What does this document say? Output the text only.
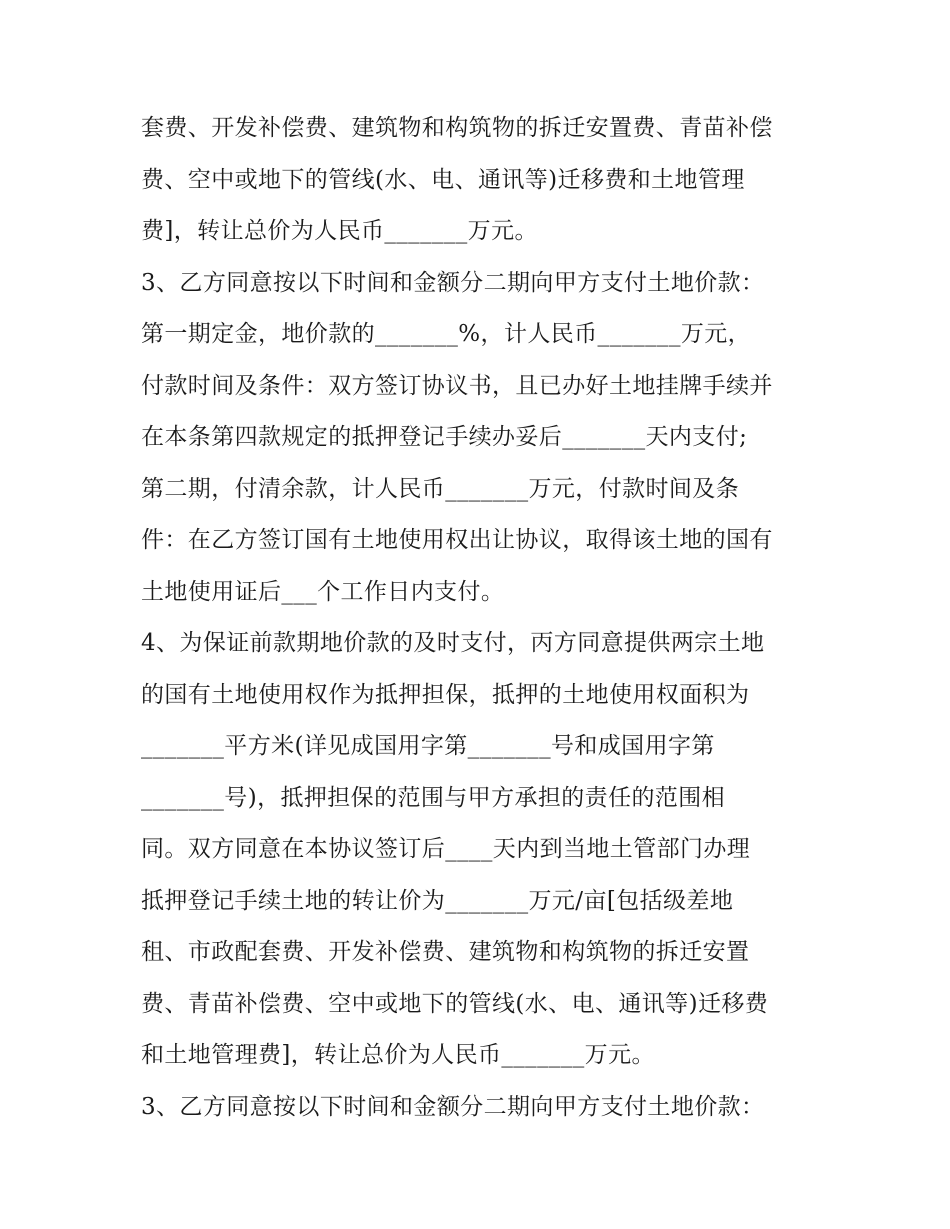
套费、开发补偿费、建筑物和构筑物的拆迁安置费、青苗补偿
费、空中或地下的管线(水、电、通讯等)迁移费和土地管理
费]，转让总价为人民币_______万元。
3、乙方同意按以下时间和金额分二期向甲方支付土地价款：
第一期定金，地价款的_______%，计人民币_______万元，
付款时间及条件：双方签订协议书，且已办好土地挂牌手续并
在本条第四款规定的抵押登记手续办妥后_______天内支付;
第二期，付清余款，计人民币_______万元，付款时间及条
件：在乙方签订国有土地使用权出让协议，取得该土地的国有
土地使用证后___个工作日内支付。
4、为保证前款期地价款的及时支付，丙方同意提供两宗土地
的国有土地使用权作为抵押担保，抵押的土地使用权面积为
_______平方米(详见成国用字第_______号和成国用字第
_______号)，抵押担保的范围与甲方承担的责任的范围相
同。双方同意在本协议签订后____天内到当地土管部门办理
抵押登记手续土地的转让价为_______万元/亩[包括级差地
租、市政配套费、开发补偿费、建筑物和构筑物的拆迁安置
费、青苗补偿费、空中或地下的管线(水、电、通讯等)迁移费
和土地管理费]，转让总价为人民币_______万元。
3、乙方同意按以下时间和金额分二期向甲方支付土地价款：
